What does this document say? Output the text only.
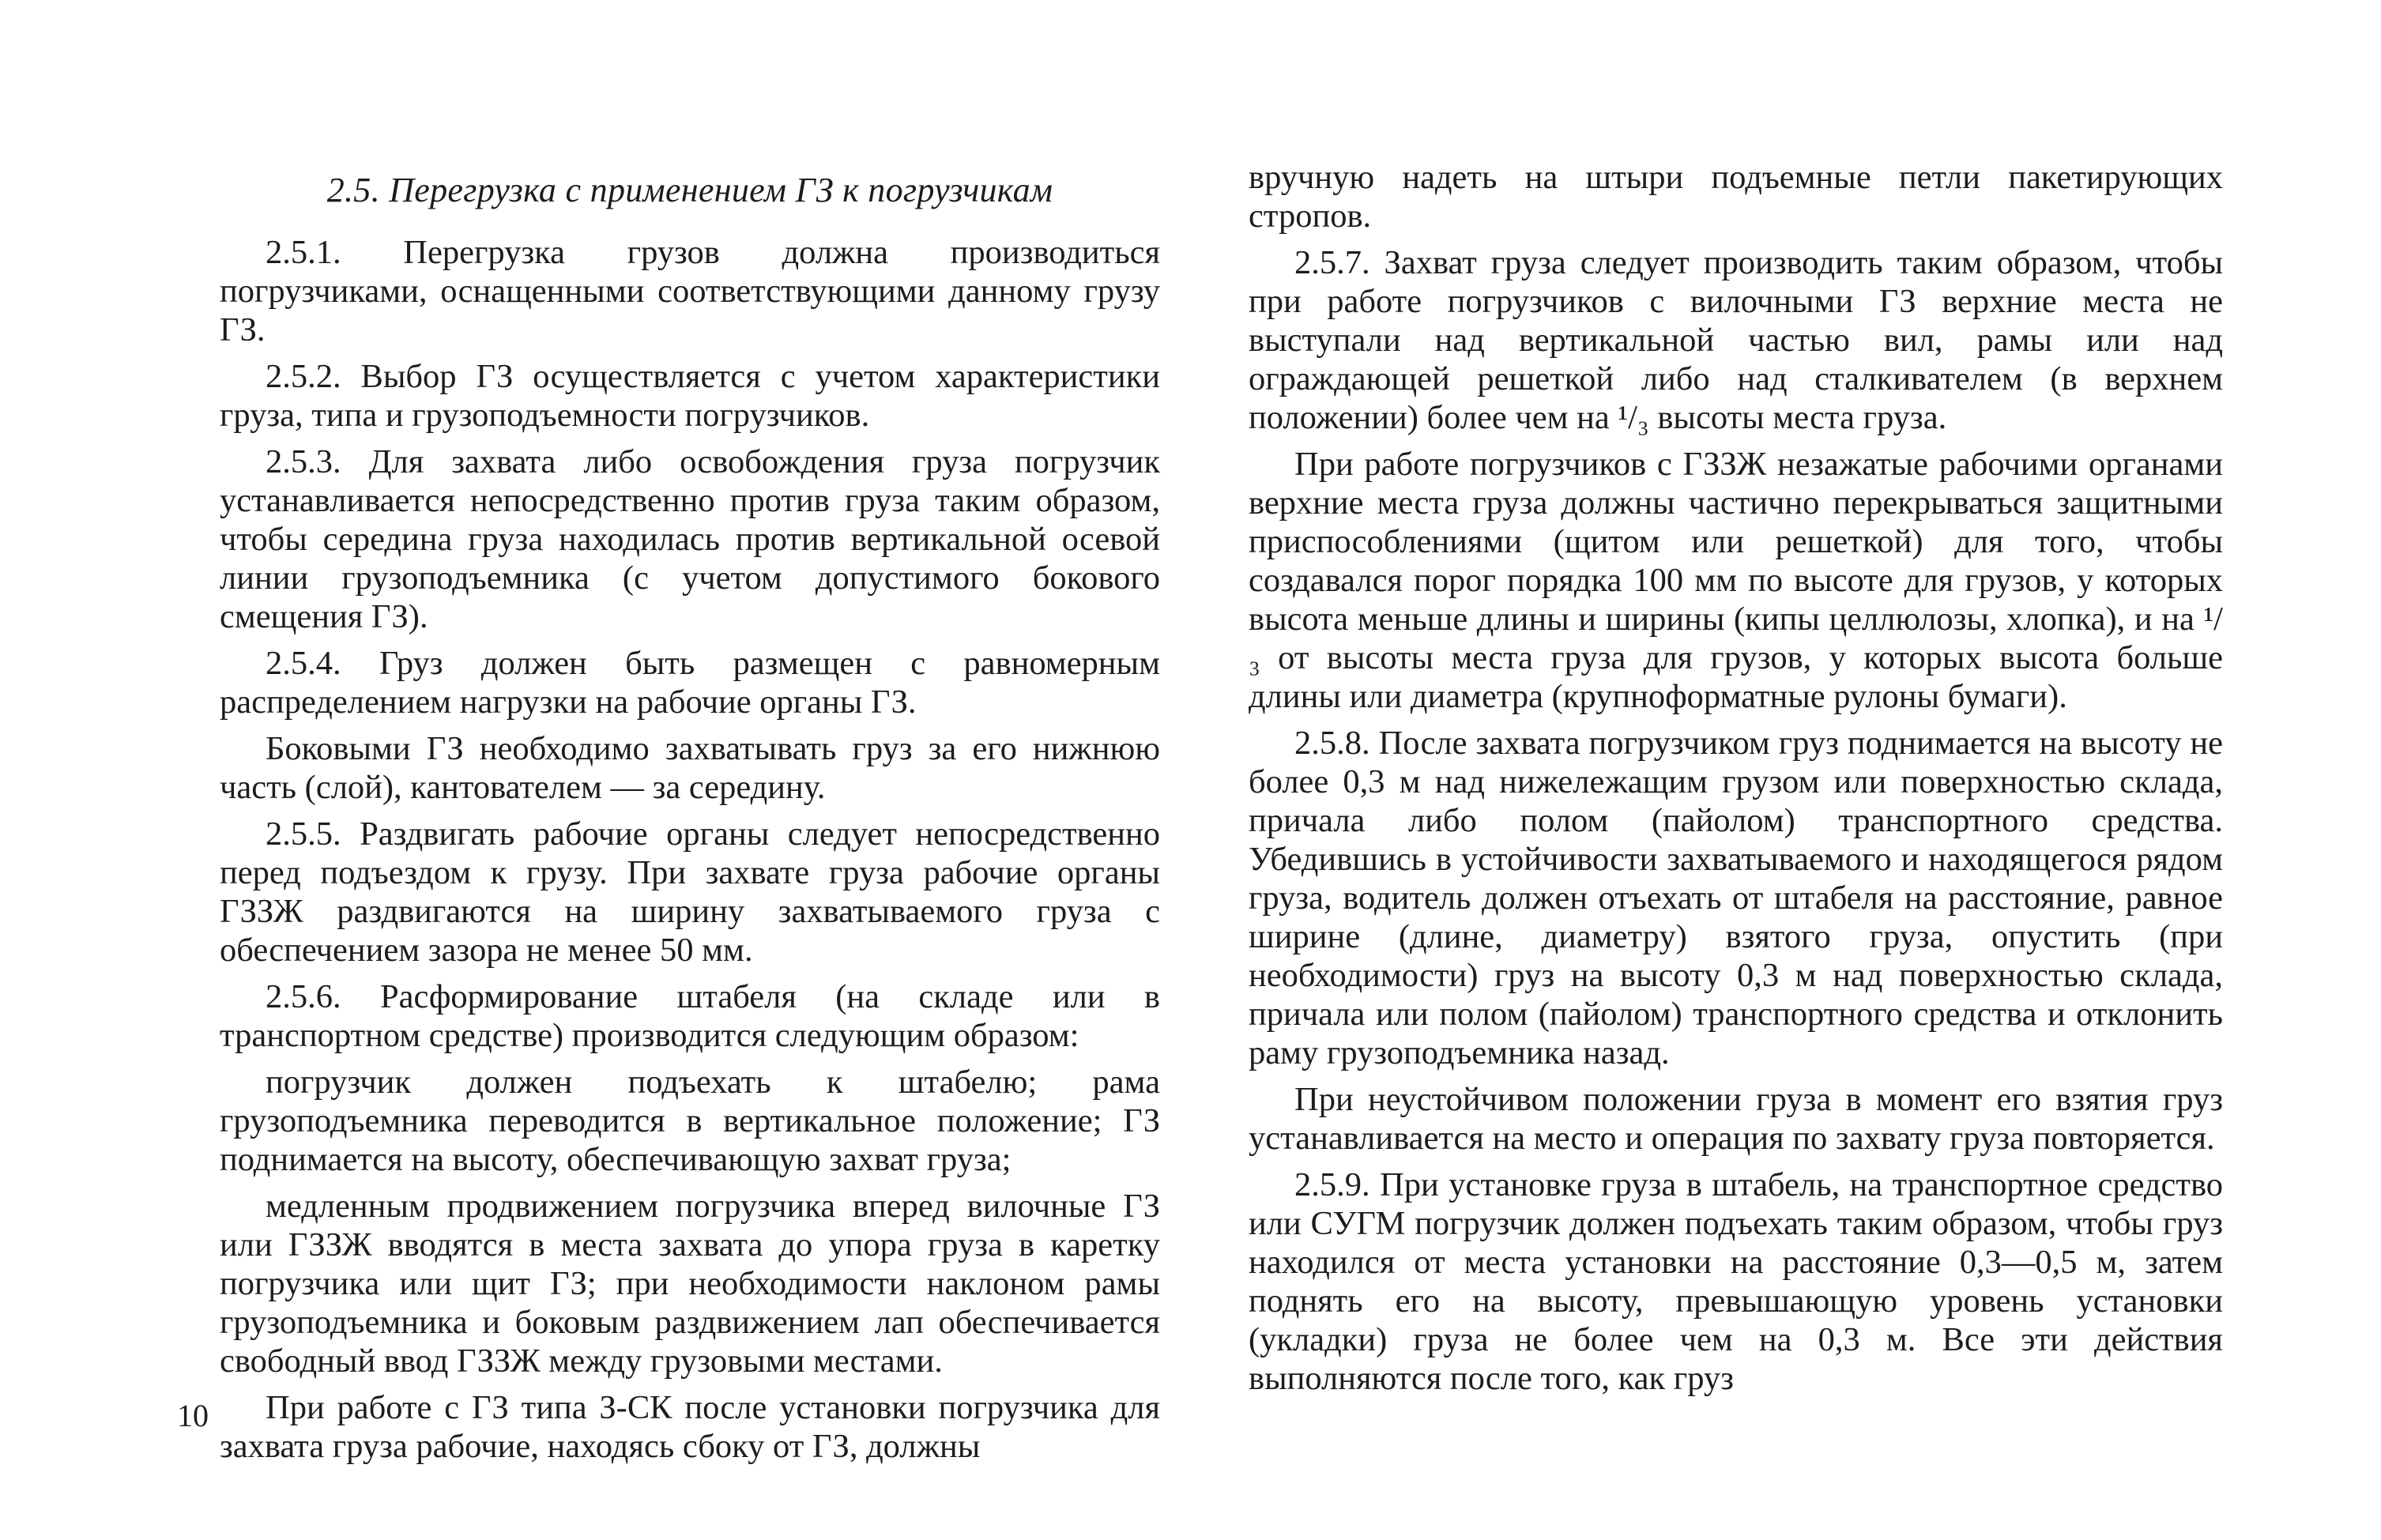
2.5. Перегрузка с применением ГЗ к погрузчикам

2.5.1. Перегрузка грузов должна производиться погрузчиками, оснащенными соответствующими данному грузу ГЗ.

2.5.2. Выбор ГЗ осуществляется с учетом характеристики груза, типа и грузоподъемности погрузчиков.

2.5.3. Для захвата либо освобождения груза погрузчик устанавливается непосредственно против груза таким образом, чтобы середина груза находилась против вертикальной осевой линии грузоподъемника (с учетом допустимого бокового смещения ГЗ).

2.5.4. Груз должен быть размещен с равномерным распределением нагрузки на рабочие органы ГЗ.

Боковыми ГЗ необходимо захватывать груз за его нижнюю часть (слой), кантователем — за середину.

2.5.5. Раздвигать рабочие органы следует непосредственно перед подъездом к грузу. При захвате груза рабочие органы ГЗЗЖ раздвигаются на ширину захватываемого груза с обеспечением зазора не менее 50 мм.

2.5.6. Расформирование штабеля (на складе или в транспортном средстве) производится следующим образом:

погрузчик должен подъехать к штабелю; рама грузоподъемника переводится в вертикальное положение; ГЗ поднимается на высоту, обеспечивающую захват груза;

медленным продвижением погрузчика вперед вилочные ГЗ или ГЗЗЖ вводятся в места захвата до упора груза в каретку погрузчика или щит ГЗ; при необходимости наклоном рамы грузоподъемника и боковым раздвижением лап обеспечивается свободный ввод ГЗЗЖ между грузовыми местами.

При работе с ГЗ типа З-СК после установки погрузчика для захвата груза рабочие, находясь сбоку от ГЗ, должны

вручную надеть на штыри подъемные петли пакетирующих стропов.

2.5.7. Захват груза следует производить таким образом, чтобы при работе погрузчиков с вилочными ГЗ верхние места не выступали над вертикальной частью вил, рамы или над ограждающей решеткой либо над сталкивателем (в верхнем положении) более чем на ¹/₃ высоты места груза.

При работе погрузчиков с ГЗЗЖ незажатые рабочими органами верхние места груза должны частично перекрываться защитными приспособлениями (щитом или решеткой) для того, чтобы создавался порог порядка 100 мм по высоте для грузов, у которых высота меньше длины и ширины (кипы целлюлозы, хлопка), и на ¹/₃ от высоты места груза для грузов, у которых высота больше длины или диаметра (крупноформатные рулоны бумаги).

2.5.8. После захвата погрузчиком груз поднимается на высоту не более 0,3 м над нижележащим грузом или поверхностью склада, причала либо полом (пайолом) транспортного средства. Убедившись в устойчивости захватываемого и находящегося рядом груза, водитель должен отъехать от штабеля на расстояние, равное ширине (длине, диаметру) взятого груза, опустить (при необходимости) груз на высоту 0,3 м над поверхностью склада, причала или полом (пайолом) транспортного средства и отклонить раму грузоподъемника назад.

При неустойчивом положении груза в момент его взятия груз устанавливается на место и операция по захвату груза повторяется.

2.5.9. При установке груза в штабель, на транспортное средство или СУГМ погрузчик должен подъехать таким образом, чтобы груз находился от места установки на расстояние 0,3—0,5 м, затем поднять его на высоту, превышающую уровень установки (укладки) груза не более чем на 0,3 м. Все эти действия выполняются после того, как груз

10
